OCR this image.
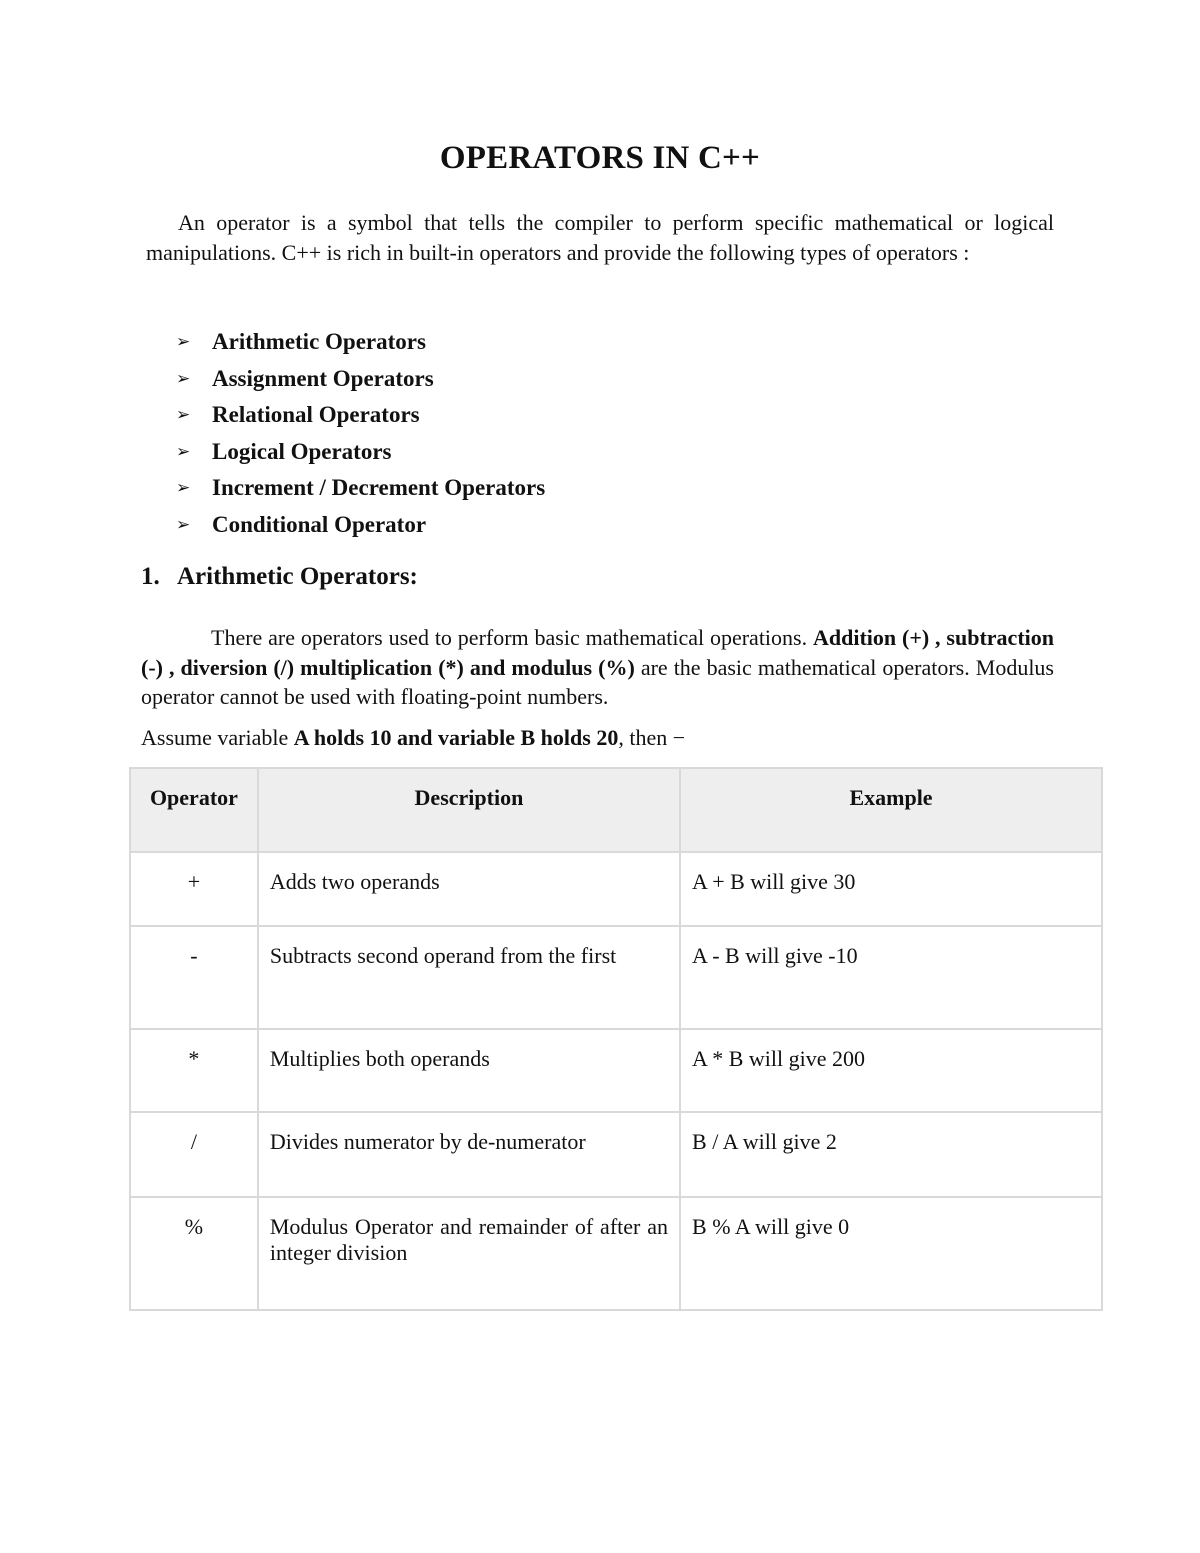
OPERATORS IN C++
An operator is a symbol that tells the compiler to perform specific mathematical or logical manipulations. C++ is rich in built-in operators and provide the following types of operators :
➢ Arithmetic Operators
➢ Assignment Operators
➢ Relational Operators
➢ Logical Operators
➢ Increment / Decrement Operators
➢ Conditional Operator
1. Arithmetic Operators:
There are operators used to perform basic mathematical operations. Addition (+) , subtraction (-) , diversion (/) multiplication (*) and modulus (%) are the basic mathematical operators. Modulus operator cannot be used with floating-point numbers.
Assume variable A holds 10 and variable B holds 20, then −
Operator	Description	Example
+	Adds two operands	A + B will give 30
-	Subtracts second operand from the first	A - B will give -10
*	Multiplies both operands	A * B will give 200
/	Divides numerator by de-numerator	B / A will give 2
%	Modulus Operator and remainder of after an integer division	B % A will give 0
